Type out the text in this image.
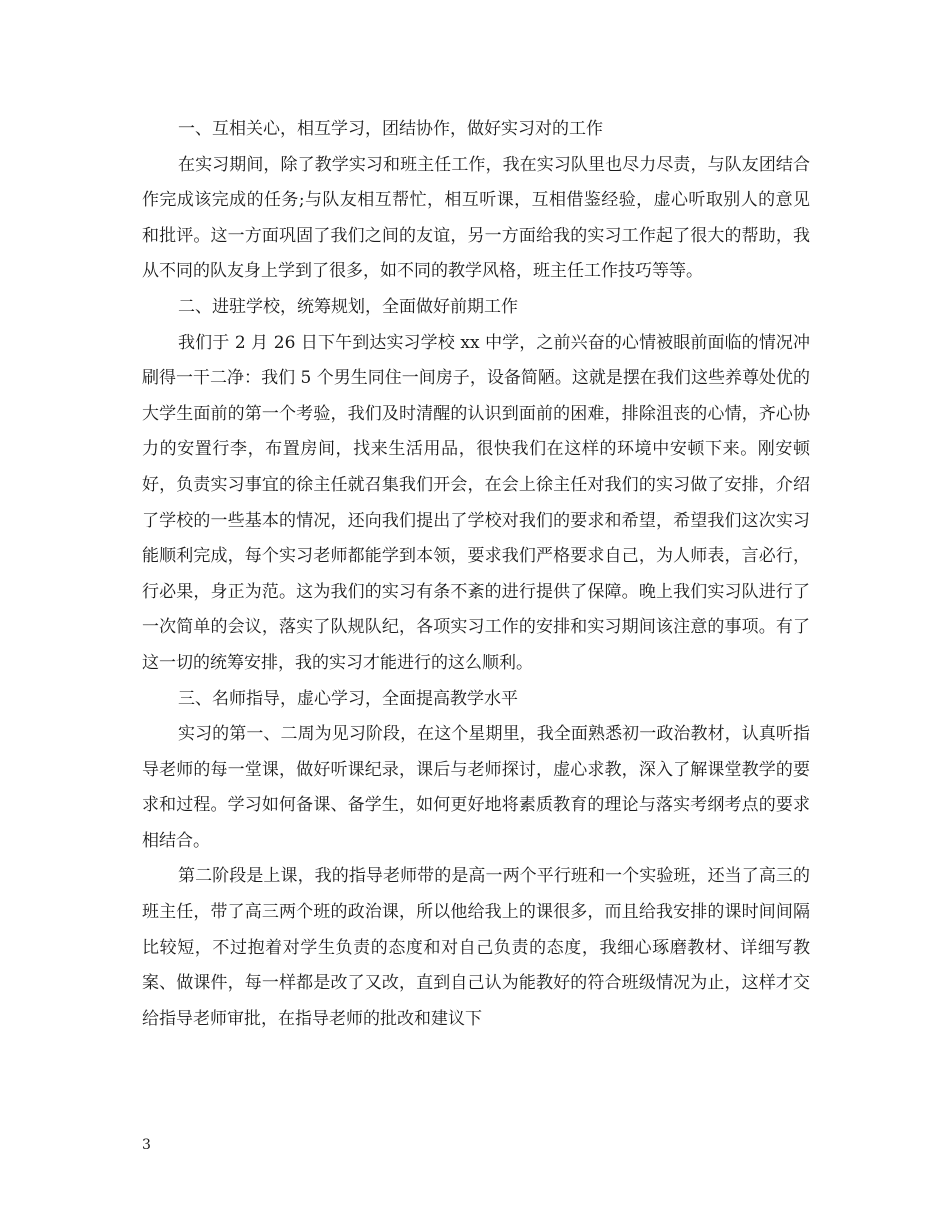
一、互相关心，相互学习，团结协作，做好实习对的工作

在实习期间，除了教学实习和班主任工作，我在实习队里也尽力尽责，与队友团结合作完成该完成的任务;与队友相互帮忙，相互听课，互相借鉴经验，虚心听取别人的意见和批评。这一方面巩固了我们之间的友谊，另一方面给我的实习工作起了很大的帮助，我从不同的队友身上学到了很多，如不同的教学风格，班主任工作技巧等等。

二、进驻学校，统筹规划，全面做好前期工作

我们于 2 月 26 日下午到达实习学校 xx 中学，之前兴奋的心情被眼前面临的情况冲刷得一干二净：我们 5 个男生同住一间房子，设备简陋。这就是摆在我们这些养尊处优的大学生面前的第一个考验，我们及时清醒的认识到面前的困难，排除沮丧的心情，齐心协力的安置行李，布置房间，找来生活用品，很快我们在这样的环境中安顿下来。刚安顿好，负责实习事宜的徐主任就召集我们开会，在会上徐主任对我们的实习做了安排，介绍了学校的一些基本的情况，还向我们提出了学校对我们的要求和希望，希望我们这次实习能顺利完成，每个实习老师都能学到本领，要求我们严格要求自己，为人师表，言必行，行必果，身正为范。这为我们的实习有条不紊的进行提供了保障。晚上我们实习队进行了一次简单的会议，落实了队规队纪，各项实习工作的安排和实习期间该注意的事项。有了这一切的统筹安排，我的实习才能进行的这么顺利。

三、名师指导，虚心学习，全面提高教学水平

实习的第一、二周为见习阶段，在这个星期里，我全面熟悉初一政治教材，认真听指导老师的每一堂课，做好听课纪录，课后与老师探讨，虚心求教，深入了解课堂教学的要求和过程。学习如何备课、备学生，如何更好地将素质教育的理论与落实考纲考点的要求相结合。

第二阶段是上课，我的指导老师带的是高一两个平行班和一个实验班，还当了高三的班主任，带了高三两个班的政治课，所以他给我上的课很多，而且给我安排的课时间间隔比较短，不过抱着对学生负责的态度和对自己负责的态度，我细心琢磨教材、详细写教案、做课件，每一样都是改了又改，直到自己认为能教好的符合班级情况为止，这样才交给指导老师审批，在指导老师的批改和建议下

3
